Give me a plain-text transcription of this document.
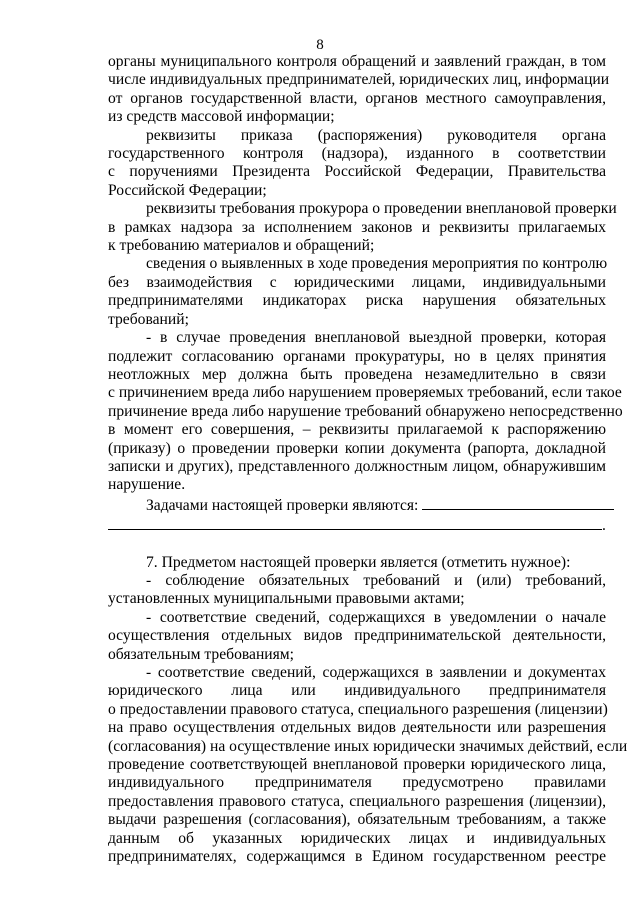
8
органы муниципального контроля обращений и заявлений граждан, в том
числе индивидуальных предпринимателей, юридических лиц, информации
от органов государственной власти, органов местного самоуправления,
из средств массовой информации;
реквизиты приказа (распоряжения) руководителя органа
государственного контроля (надзора), изданного в соответствии
с поручениями Президента Российской Федерации, Правительства
Российской Федерации;
реквизиты требования прокурора о проведении внеплановой проверки
в рамках надзора за исполнением законов и реквизиты прилагаемых
к требованию материалов и обращений;
сведения о выявленных в ходе проведения мероприятия по контролю
без взаимодействия с юридическими лицами, индивидуальными
предпринимателями индикаторах риска нарушения обязательных
требований;
- в случае проведения внеплановой выездной проверки, которая
подлежит согласованию органами прокуратуры, но в целях принятия
неотложных мер должна быть проведена незамедлительно в связи
с причинением вреда либо нарушением проверяемых требований, если такое
причинение вреда либо нарушение требований обнаружено непосредственно
в момент его совершения, – реквизиты прилагаемой к распоряжению
(приказу) о проведении проверки копии документа (рапорта, докладной
записки и других), представленного должностным лицом, обнаружившим
нарушение.
Задачами настоящей проверки являются:
.
7. Предметом настоящей проверки является (отметить нужное):
- соблюдение обязательных требований и (или) требований,
установленных муниципальными правовыми актами;
- соответствие сведений, содержащихся в уведомлении о начале
осуществления отдельных видов предпринимательской деятельности,
обязательным требованиям;
- соответствие сведений, содержащихся в заявлении и документах
юридического лица или индивидуального предпринимателя
о предоставлении правового статуса, специального разрешения (лицензии)
на право осуществления отдельных видов деятельности или разрешения
(согласования) на осуществление иных юридически значимых действий, если
проведение соответствующей внеплановой проверки юридического лица,
индивидуального предпринимателя предусмотрено правилами
предоставления правового статуса, специального разрешения (лицензии),
выдачи разрешения (согласования), обязательным требованиям, а также
данным об указанных юридических лицах и индивидуальных
предпринимателях, содержащимся в Едином государственном реестре
